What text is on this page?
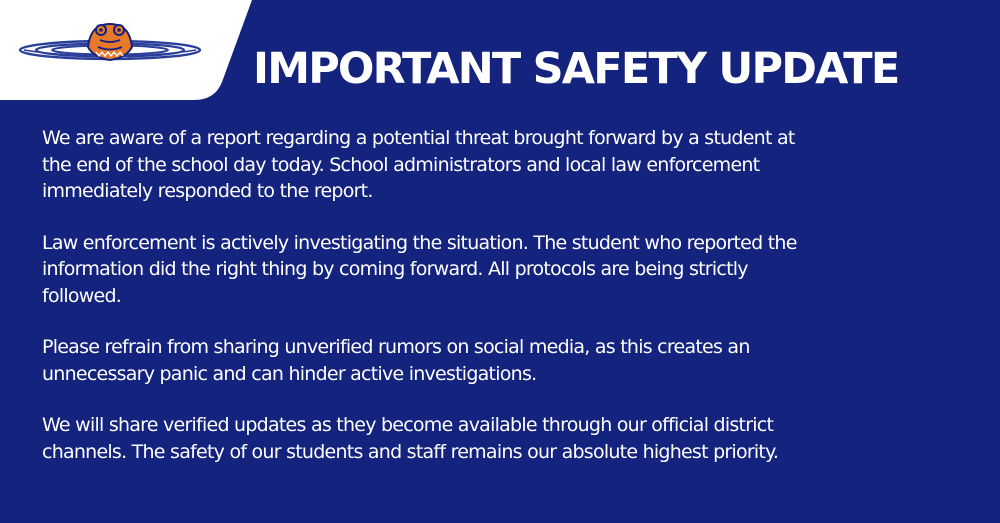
IMPORTANT SAFETY UPDATE

We are aware of a report regarding a potential threat brought forward by a student at
the end of the school day today. School administrators and local law enforcement
immediately responded to the report.

Law enforcement is actively investigating the situation. The student who reported the
information did the right thing by coming forward. All protocols are being strictly
followed.

Please refrain from sharing unverified rumors on social media, as this creates an
unnecessary panic and can hinder active investigations.

We will share verified updates as they become available through our official district
channels. The safety of our students and staff remains our absolute highest priority.
